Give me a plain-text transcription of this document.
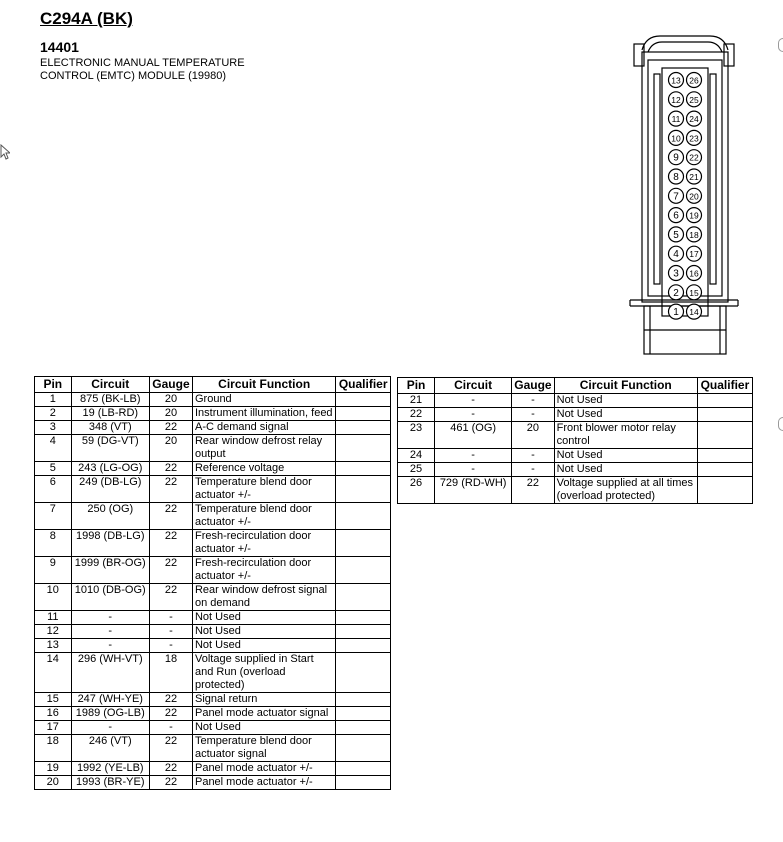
C294A (BK)
14401
ELECTRONIC MANUAL TEMPERATURE
CONTROL (EMTC) MODULE (19980)	13
12
11
10
9
8
7
6
5
4
3
2
1
26
25
24
23
22
21
20
19
18
17
16
15
14
Pin	Circuit	Gauge	Circuit Function	Qualifier
1	875 (BK-LB)	20	Ground	
2	19 (LB-RD)	20	Instrument illumination, feed	
3	348 (VT)	22	A-C demand signal	
4	59 (DG-VT)	20	Rear window defrost relay output	
5	243 (LG-OG)	22	Reference voltage	
6	249 (DB-LG)	22	Temperature blend door actuator +/-	
7	250 (OG)	22	Temperature blend door actuator +/-	
8	1998 (DB-LG)	22	Fresh-recirculation door actuator +/-	
9	1999 (BR-OG)	22	Fresh-recirculation door actuator +/-	
10	1010 (DB-OG)	22	Rear window defrost signal on demand	
11	-	-	Not Used	
12	-	-	Not Used	
13	-	-	Not Used	
14	296 (WH-VT)	18	Voltage supplied in Start and Run (overload protected)	
15	247 (WH-YE)	22	Signal return	
16	1989 (OG-LB)	22	Panel mode actuator signal	
17	-	-	Not Used	
18	246 (VT)	22	Temperature blend door actuator signal	
19	1992 (YE-LB)	22	Panel mode actuator +/-	
20	1993 (BR-YE)	22	Panel mode actuator +/-	
Pin	Circuit	Gauge	Circuit Function	Qualifier
21	-	-	Not Used	
22	-	-	Not Used	
23	461 (OG)	20	Front blower motor relay control	
24	-	-	Not Used	
25	-	-	Not Used	
26	729 (RD-WH)	22	Voltage supplied at all times (overload protected)	
